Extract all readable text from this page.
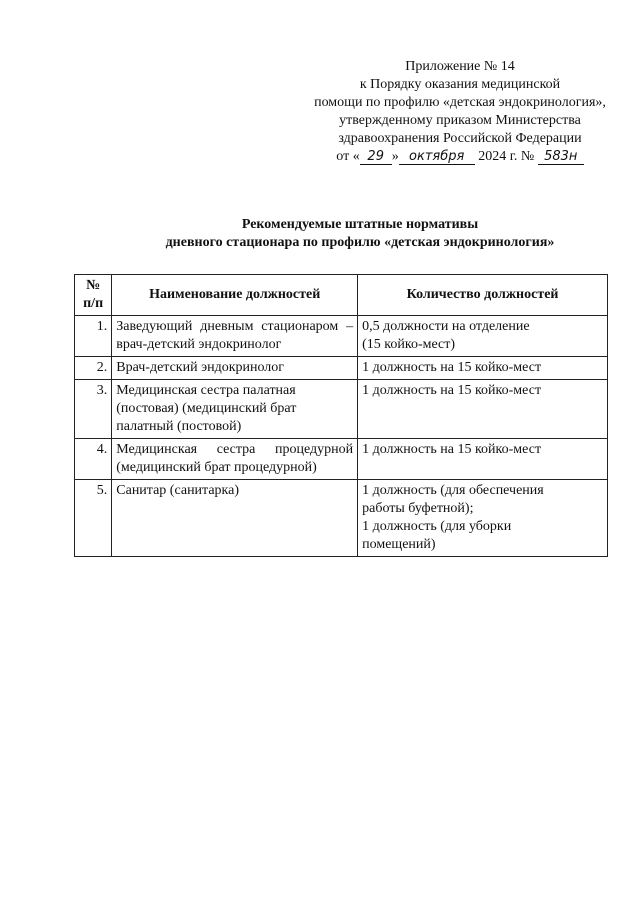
Приложение № 14
к Порядку оказания медицинской
помощи по профилю «детская эндокринология»,
утвержденному приказом Министерства
здравоохранения Российской Федерации
от « 29 » октября 2024 г. № 583н
Рекомендуемые штатные нормативы
дневного стационара по профилю «детская эндокринология»
№ п/п	Наименование должностей	Количество должностей
1.	Заведующий дневным стационаром – врач-детский эндокринолог	0,5 должности на отделение
(15 койко-мест)
2.	Врач-детский эндокринолог	1 должность на 15 койко-мест
3.	Медицинская сестра палатная (постовая) (медицинский брат палатный (постовой)	1 должность на 15 койко-мест
4.	Медицинская сестра процедурной (медицинский брат процедурной)	1 должность на 15 койко-мест
5.	Санитар (санитарка)	1 должность (для обеспечения
работы буфетной);
1 должность (для уборки
помещений)
